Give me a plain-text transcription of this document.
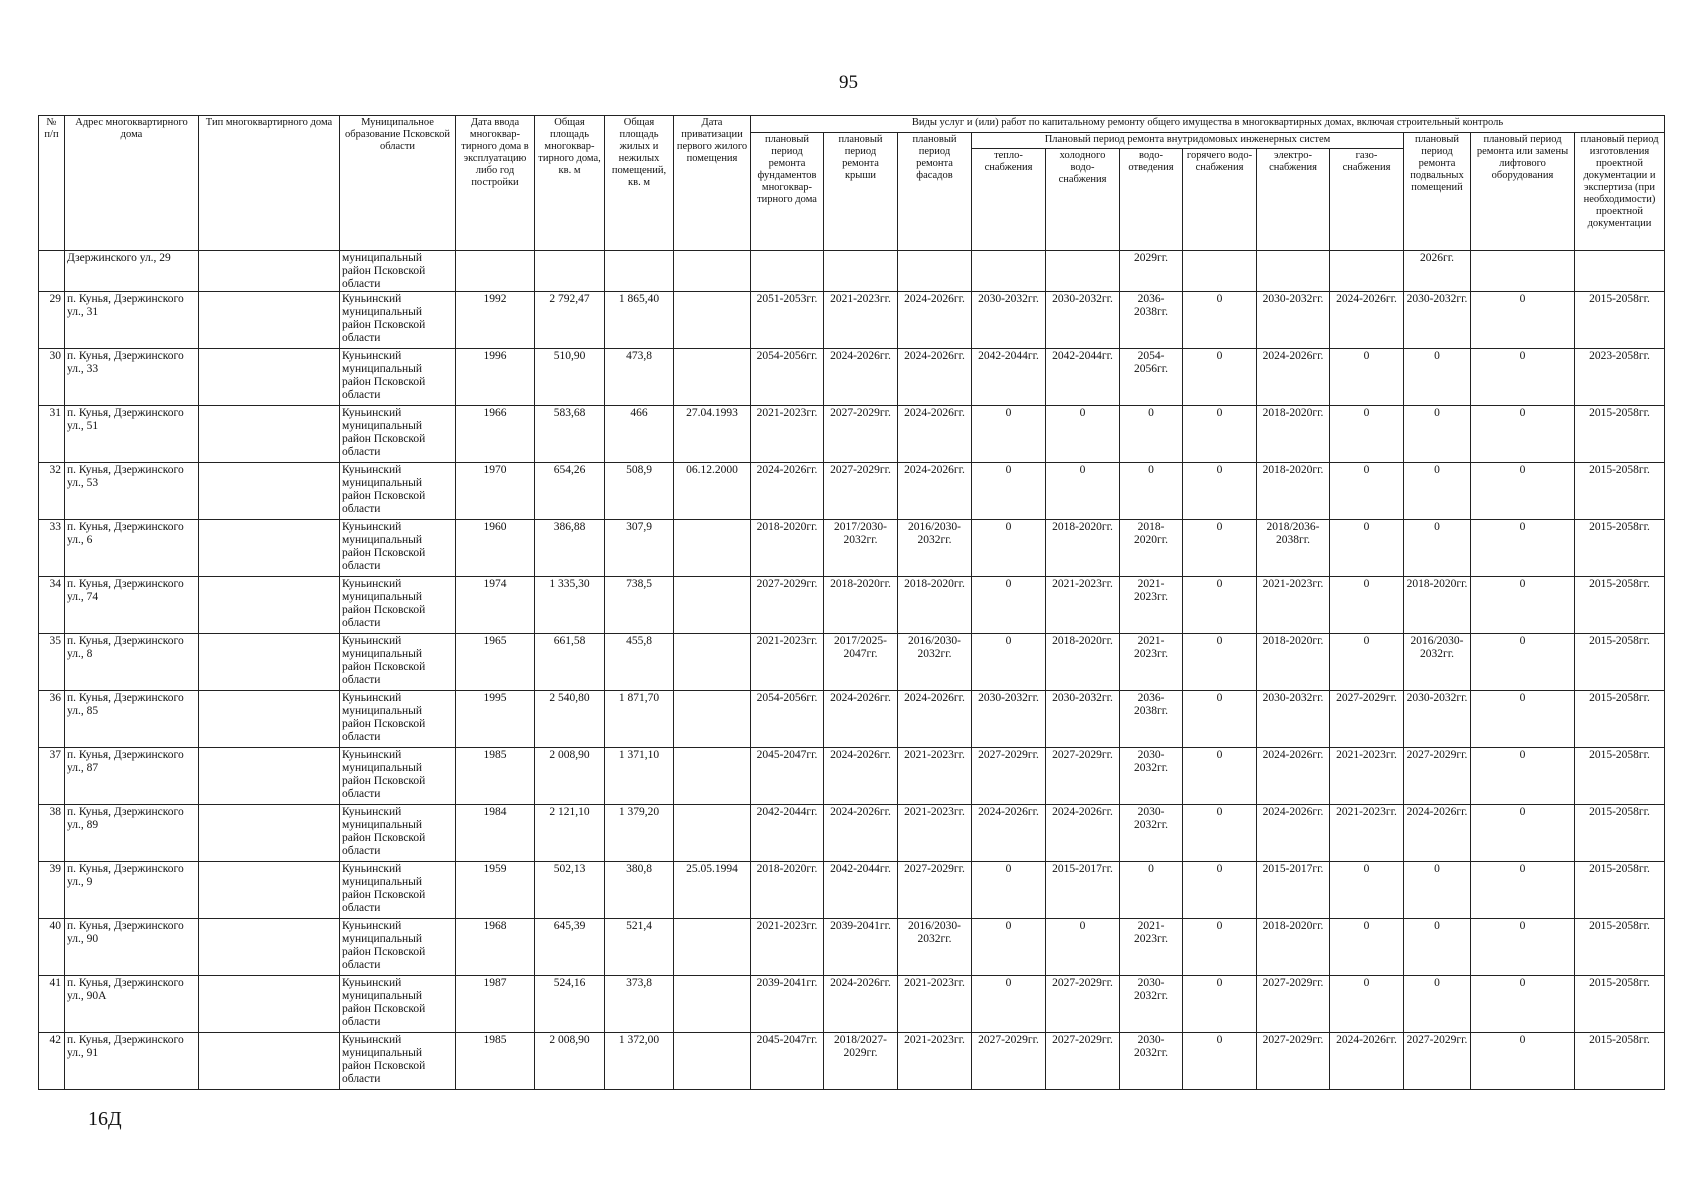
95
№ п/п	Адрес многоквартирного дома	Тип многоквартирного дома	Муниципальное образование Псковской области	Дата ввода многоквар-тирного дома в эксплуатацию либо год постройки	Общая площадь многоквар-тирного дома, кв. м	Общая площадь жилых и нежилых помещений, кв. м	Дата приватизации первого жилого помещения	Виды услуг и (или) работ по капитальному ремонту общего имущества в многоквартирных домах, включая строительный контроль											
								плановый период ремонта фундаментов многоквар-тирного дома	плановый период ремонта крыши	плановый период ремонта фасадов	Плановый период ремонта внутридомовых инженерных систем						плановый период ремонта подвальных помещений	плановый период ремонта или замены лифтового оборудования	плановый период изготовления проектной документации и экспертиза (при необходимости) проектной документации
											тепло-снабжения	холодного водо-снабжения	водо-отведения	горячего водо-снабжения	электро-снабжения	газо-снабжения			
	Дзержинского ул., 29		муниципальный район Псковской области										2029гг.				2026гг.		
29	п. Кунья, Дзержинского ул., 31		Куньинский муниципальный район Псковской области	1992	2 792,47	1 865,40		2051-2053гг.	2021-2023гг.	2024-2026гг.	2030-2032гг.	2030-2032гг.	2036-2038гг.	0	2030-2032гг.	2024-2026гг.	2030-2032гг.	0	2015-2058гг.
30	п. Кунья, Дзержинского ул., 33		Куньинский муниципальный район Псковской области	1996	510,90	473,8		2054-2056гг.	2024-2026гг.	2024-2026гг.	2042-2044гг.	2042-2044гг.	2054-2056гг.	0	2024-2026гг.	0	0	0	2023-2058гг.
31	п. Кунья, Дзержинского ул., 51		Куньинский муниципальный район Псковской области	1966	583,68	466	27.04.1993	2021-2023гг.	2027-2029гг.	2024-2026гг.	0	0	0	0	2018-2020гг.	0	0	0	2015-2058гг.
32	п. Кунья, Дзержинского ул., 53		Куньинский муниципальный район Псковской области	1970	654,26	508,9	06.12.2000	2024-2026гг.	2027-2029гг.	2024-2026гг.	0	0	0	0	2018-2020гг.	0	0	0	2015-2058гг.
33	п. Кунья, Дзержинского ул., 6		Куньинский муниципальный район Псковской области	1960	386,88	307,9		2018-2020гг.	2017/2030-2032гг.	2016/2030-2032гг.	0	2018-2020гг.	2018-2020гг.	0	2018/2036-2038гг.	0	0	0	2015-2058гг.
34	п. Кунья, Дзержинского ул., 74		Куньинский муниципальный район Псковской области	1974	1 335,30	738,5		2027-2029гг.	2018-2020гг.	2018-2020гг.	0	2021-2023гг.	2021-2023гг.	0	2021-2023гг.	0	2018-2020гг.	0	2015-2058гг.
35	п. Кунья, Дзержинского ул., 8		Куньинский муниципальный район Псковской области	1965	661,58	455,8		2021-2023гг.	2017/2025-2047гг.	2016/2030-2032гг.	0	2018-2020гг.	2021-2023гг.	0	2018-2020гг.	0	2016/2030-2032гг.	0	2015-2058гг.
36	п. Кунья, Дзержинского ул., 85		Куньинский муниципальный район Псковской области	1995	2 540,80	1 871,70		2054-2056гг.	2024-2026гг.	2024-2026гг.	2030-2032гг.	2030-2032гг.	2036-2038гг.	0	2030-2032гг.	2027-2029гг.	2030-2032гг.	0	2015-2058гг.
37	п. Кунья, Дзержинского ул., 87		Куньинский муниципальный район Псковской области	1985	2 008,90	1 371,10		2045-2047гг.	2024-2026гг.	2021-2023гг.	2027-2029гг.	2027-2029гг.	2030-2032гг.	0	2024-2026гг.	2021-2023гг.	2027-2029гг.	0	2015-2058гг.
38	п. Кунья, Дзержинского ул., 89		Куньинский муниципальный район Псковской области	1984	2 121,10	1 379,20		2042-2044гг.	2024-2026гг.	2021-2023гг.	2024-2026гг.	2024-2026гг.	2030-2032гг.	0	2024-2026гг.	2021-2023гг.	2024-2026гг.	0	2015-2058гг.
39	п. Кунья, Дзержинского ул., 9		Куньинский муниципальный район Псковской области	1959	502,13	380,8	25.05.1994	2018-2020гг.	2042-2044гг.	2027-2029гг.	0	2015-2017гг.	0	0	2015-2017гг.	0	0	0	2015-2058гг.
40	п. Кунья, Дзержинского ул., 90		Куньинский муниципальный район Псковской области	1968	645,39	521,4		2021-2023гг.	2039-2041гг.	2016/2030-2032гг.	0	0	2021-2023гг.	0	2018-2020гг.	0	0	0	2015-2058гг.
41	п. Кунья, Дзержинского ул., 90А		Куньинский муниципальный район Псковской области	1987	524,16	373,8		2039-2041гг.	2024-2026гг.	2021-2023гг.	0	2027-2029гг.	2030-2032гг.	0	2027-2029гг.	0	0	0	2015-2058гг.
42	п. Кунья, Дзержинского ул., 91		Куньинский муниципальный район Псковской области	1985	2 008,90	1 372,00		2045-2047гг.	2018/2027-2029гг.	2021-2023гг.	2027-2029гг.	2027-2029гг.	2030-2032гг.	0	2027-2029гг.	2024-2026гг.	2027-2029гг.	0	2015-2058гг.
16Д
